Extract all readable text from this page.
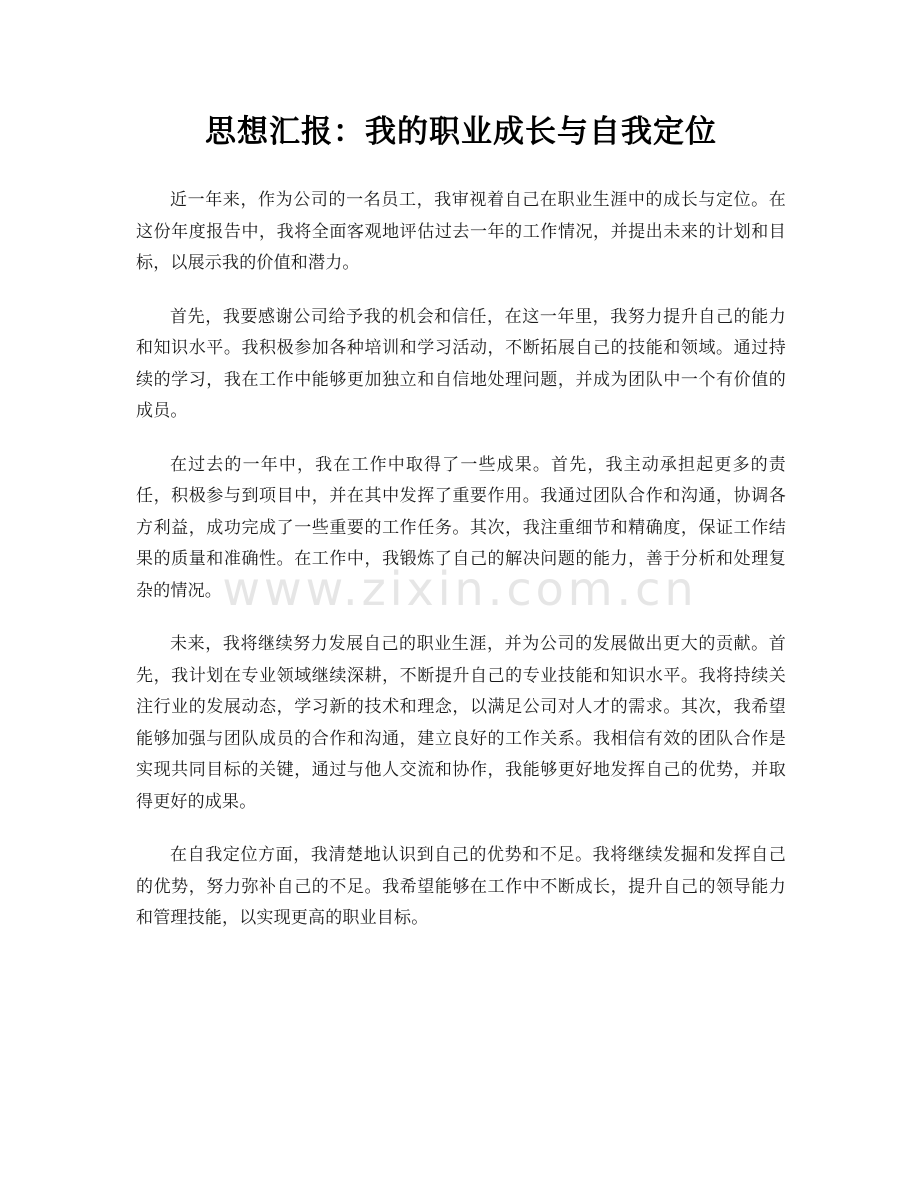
www.zixin.com.cn
思想汇报：我的职业成长与自我定位

近一年来，作为公司的一名员工，我审视着自己在职业生涯中的成长与定位。在这份年度报告中，我将全面客观地评估过去一年的工作情况，并提出未来的计划和目标，以展示我的价值和潜力。

首先，我要感谢公司给予我的机会和信任，在这一年里，我努力提升自己的能力和知识水平。我积极参加各种培训和学习活动，不断拓展自己的技能和领域。通过持续的学习，我在工作中能够更加独立和自信地处理问题，并成为团队中一个有价值的成员。

在过去的一年中，我在工作中取得了一些成果。首先，我主动承担起更多的责任，积极参与到项目中，并在其中发挥了重要作用。我通过团队合作和沟通，协调各方利益，成功完成了一些重要的工作任务。其次，我注重细节和精确度，保证工作结果的质量和准确性。在工作中，我锻炼了自己的解决问题的能力，善于分析和处理复杂的情况。

未来，我将继续努力发展自己的职业生涯，并为公司的发展做出更大的贡献。首先，我计划在专业领域继续深耕，不断提升自己的专业技能和知识水平。我将持续关注行业的发展动态，学习新的技术和理念，以满足公司对人才的需求。其次，我希望能够加强与团队成员的合作和沟通，建立良好的工作关系。我相信有效的团队合作是实现共同目标的关键，通过与他人交流和协作，我能够更好地发挥自己的优势，并取得更好的成果。

在自我定位方面，我清楚地认识到自己的优势和不足。我将继续发掘和发挥自己的优势，努力弥补自己的不足。我希望能够在工作中不断成长，提升自己的领导能力和管理技能，以实现更高的职业目标。
